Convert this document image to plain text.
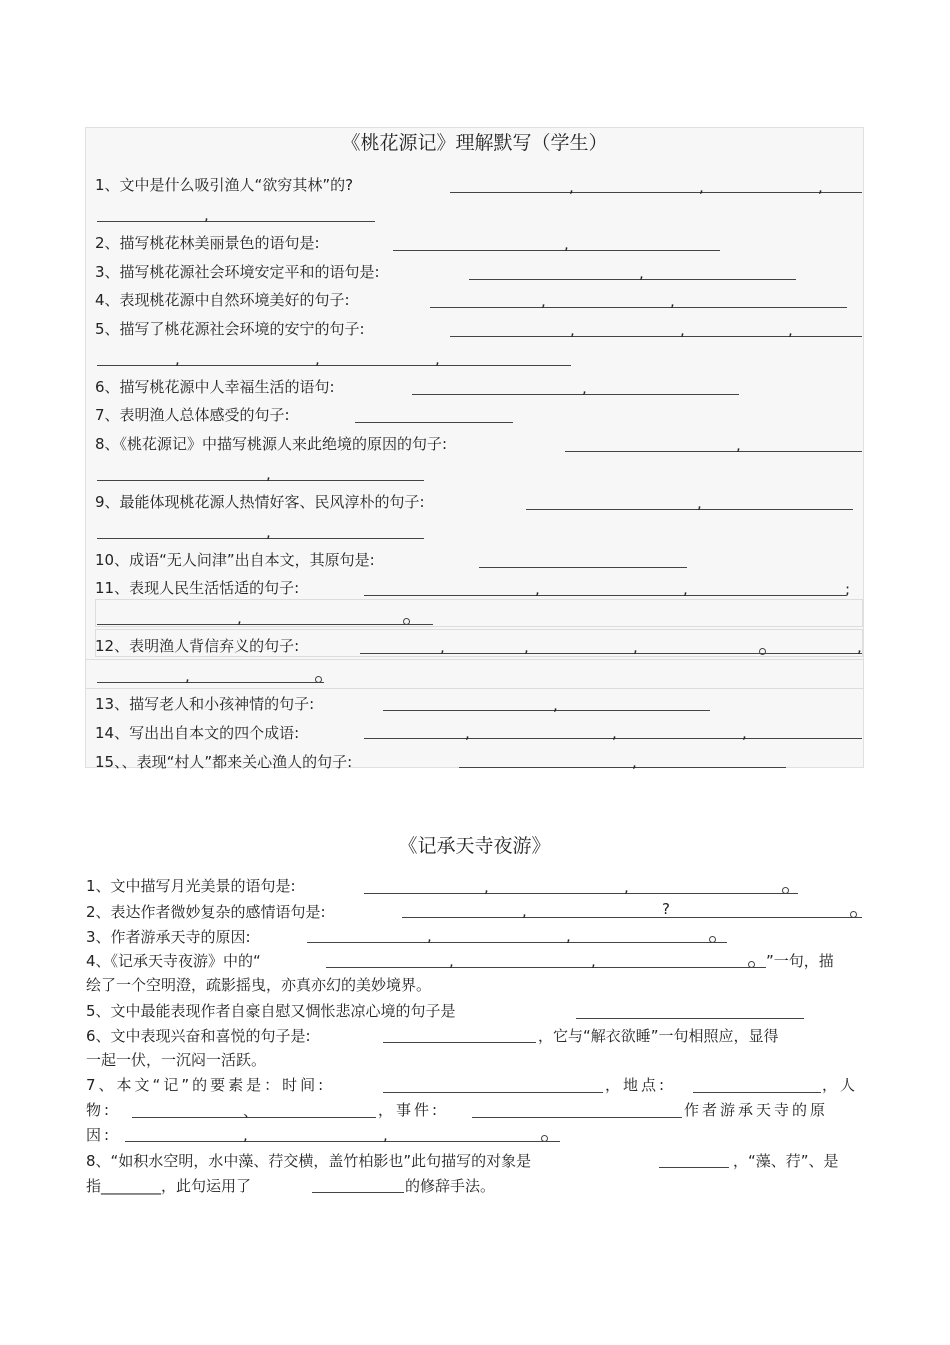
《桃花源记》理解默写（学生）
1、文中是什么吸引渔人“欲穷其林”的?
2、描写桃花林美丽景色的语句是:
3、描写桃花源社会环境安定平和的语句是:
4、表现桃花源中自然环境美好的句子:
5、描写了桃花源社会环境的安宁的句子:
6、描写桃花源中人幸福生活的语句:
7、表明渔人总体感受的句子:
8、《桃花源记》中描写桃源人来此绝境的原因的句子:
9、最能体现桃花源人热情好客、民风淳朴的句子:
10、成语“无人问津”出自本文，其原句是:
11、表现人民生活恬适的句子:
12、表明渔人背信弃义的句子:
13、描写老人和小孩神情的句子:
14、写出出自本文的四个成语:
15、、表现“村人”都来关心渔人的句子:
《记承天寺夜游》
1、文中描写月光美景的语句是:
2、表达作者微妙复杂的感情语句是:	?
3、作者游承天寺的原因:
4、《记承天寺夜游》中的“	”一句，描
绘了一个空明澄，疏影摇曳，亦真亦幻的美妙境界。
5、文中最能表现作者自豪自慰又惆怅悲凉心境的句子是
6、文中表现兴奋和喜悦的句子是:	，它与“解衣欲睡”一句相照应，显得
一起一伏，一沉闷一活跃。
7、本文“记”的要素是：时间:	，地点:	，人
物:	，事件:	作者游承天寺的原
因:
8、“如积水空明，水中藻、荇交横，盖竹柏影也”此句描写的对象是	，“藻、荇”、是
指________，此句运用了	的修辞手法。
,	,	,
,
,
,
,	,
,	,	,
,	,	,
,
,
,
,
,
,	,	;
,
,	,	,	,
,
,
,	,	,
,
,	,
,
,	,
,	,
、
,	,
